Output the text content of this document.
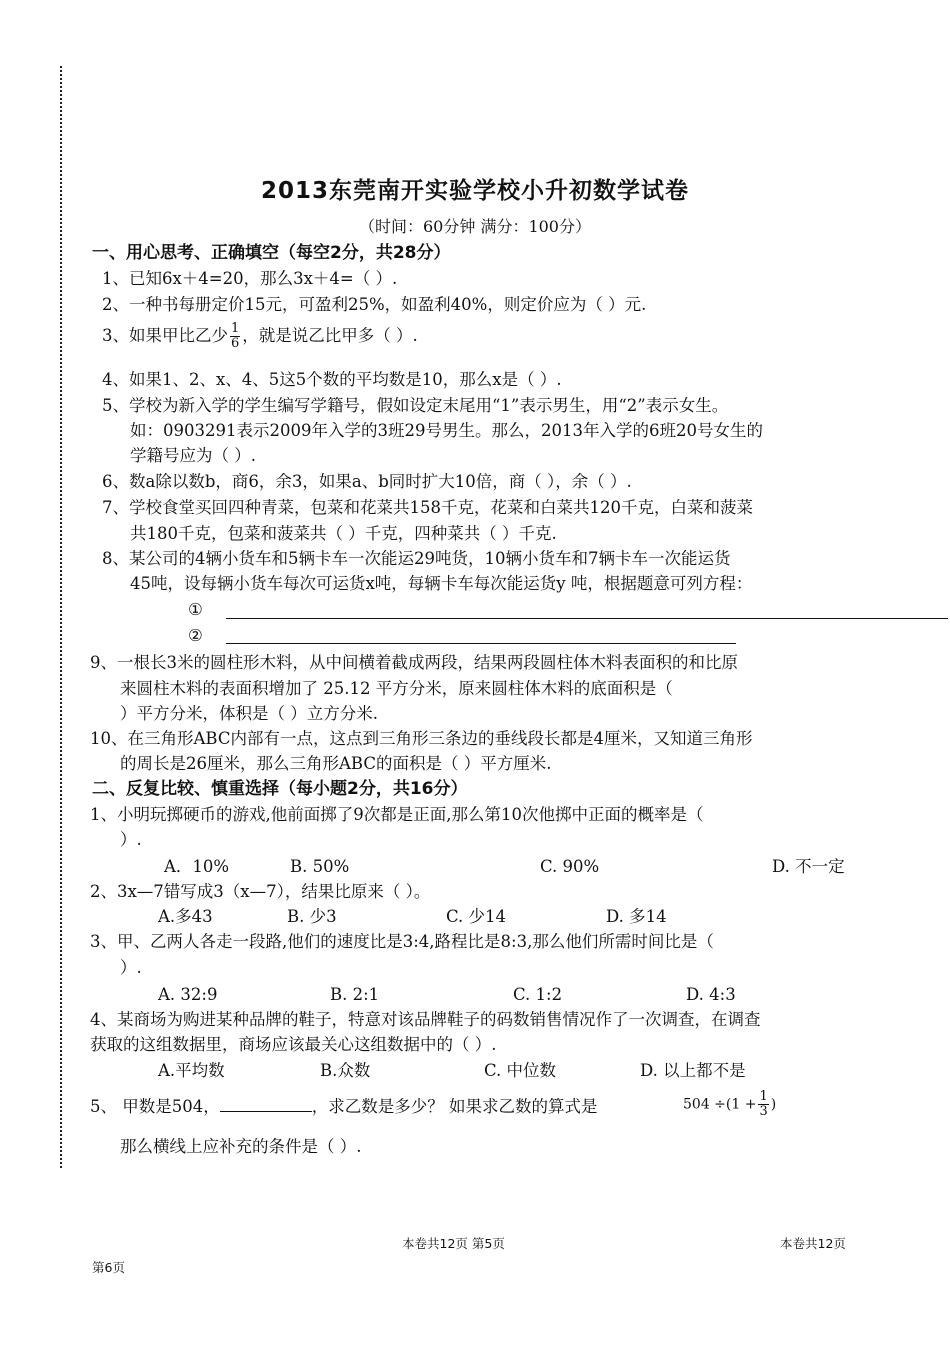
2013东莞南开实验学校小升初数学试卷
（时间：60分钟 满分：100分）
一、用心思考、正确填空（每空2分，共28分）
1、已知6x＋4=20，那么3x＋4=（ ）.
2、一种书每册定价15元，可盈利25%，如盈利40%，则定价应为（ ）元.
3、如果甲比乙少 $\frac{1}{6}$ ，就是说乙比甲多（ ）.
4、如果1、2、x、4、5这5个数的平均数是10，那么x是（ ）.
5、学校为新入学的学生编写学籍号，假如设定末尾用“1”表示男生，用“2”表示女生。
如：0903291表示2009年入学的3班29号男生。那么，2013年入学的6班20号女生的
学籍号应为（ ）.
6、数a除以数b，商6，余3，如果a、b同时扩大10倍，商（ ），余（ ）.
7、学校食堂买回四种青菜，包菜和花菜共158千克，花菜和白菜共120千克，白菜和菠菜
共180千克，包菜和菠菜共（ ）千克，四种菜共（ ）千克.
8、某公司的4辆小货车和5辆卡车一次能运29吨货，10辆小货车和7辆卡车一次能运货
45吨，设每辆小货车每次可运货x吨，每辆卡车每次能运货y 吨，根据题意可列方程：
①
②
9、一根长3米的圆柱形木料，从中间横着截成两段，结果两段圆柱体木料表面积的和比原
来圆柱木料的表面积增加了 25.12 平方分米，原来圆柱体木料的底面积是（
）平方分米，体积是（ ）立方分米.
10、在三角形ABC内部有一点，这点到三角形三条边的垂线段长都是4厘米，又知道三角形
的周长是26厘米，那么三角形ABC的面积是（ ）平方厘米.
二、反复比较、慎重选择（每小题2分，共16分）
1、小明玩掷硬币的游戏,他前面掷了9次都是正面,那么第10次他掷中正面的概率是（
）.
A．10%	B. 50%	C. 90%	D. 不一定
2、3x—7错写成3（x—7），结果比原来（ ）。
A.多43	B. 少3	C. 少14	D. 多14
3、甲、乙两人各走一段路,他们的速度比是3:4,路程比是8:3,那么他们所需时间比是（
）.
A. 32:9	B. 2:1	C. 1:2	D. 4:3
4、某商场为购进某种品牌的鞋子，特意对该品牌鞋子的码数销售情况作了一次调查，在调查
获取的这组数据里，商场应该最关心这组数据中的（ ）.
A.平均数	B.众数	C. 中位数	D. 以上都不是
5、 甲数是504，	，求乙数是多少？ 如果求乙数的算式是	$504 \div(1 + \frac{1}{3}$ )
那么横线上应补充的条件是（ ）.
本卷共12页 第5页	本卷共12页
第6页
